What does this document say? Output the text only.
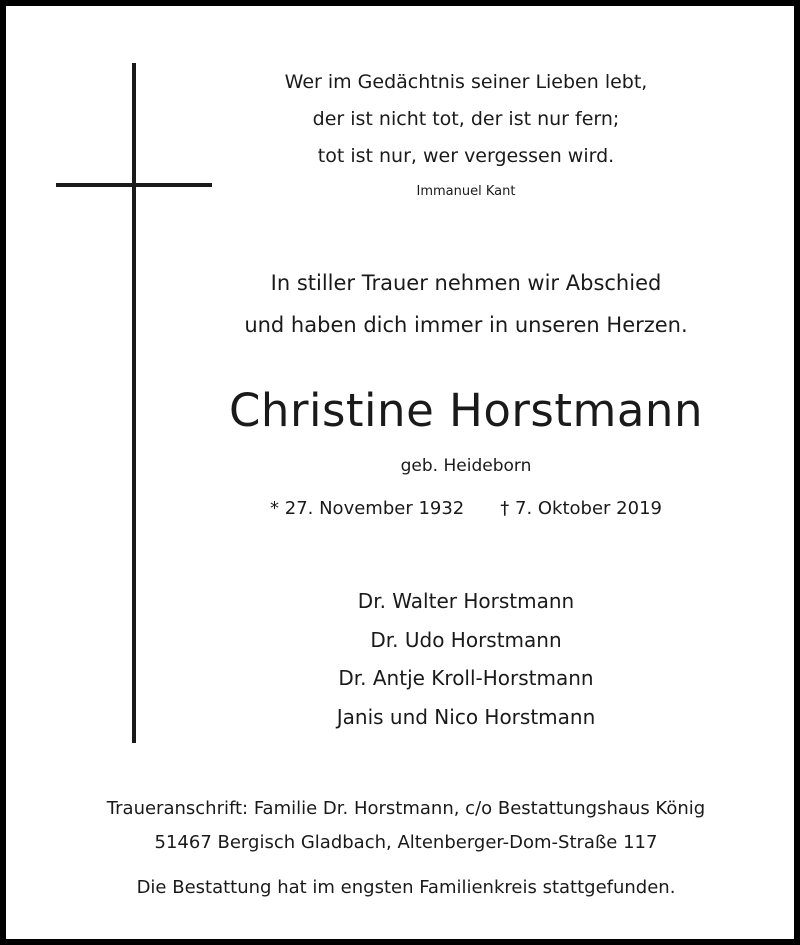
Wer im Gedächtnis seiner Lieben lebt,
der ist nicht tot, der ist nur fern;
tot ist nur, wer vergessen wird.
Immanuel Kant
In stiller Trauer nehmen wir Abschied
und haben dich immer in unseren Herzen.
Christine Horstmann
geb. Heideborn
* 27. November 1932 † 7. Oktober 2019
Dr. Walter Horstmann
Dr. Udo Horstmann
Dr. Antje Kroll-Horstmann
Janis und Nico Horstmann
Traueranschrift: Familie Dr. Horstmann, c/o Bestattungshaus König
51467 Bergisch Gladbach, Altenberger-Dom-Straße 117
Die Bestattung hat im engsten Familienkreis stattgefunden.
